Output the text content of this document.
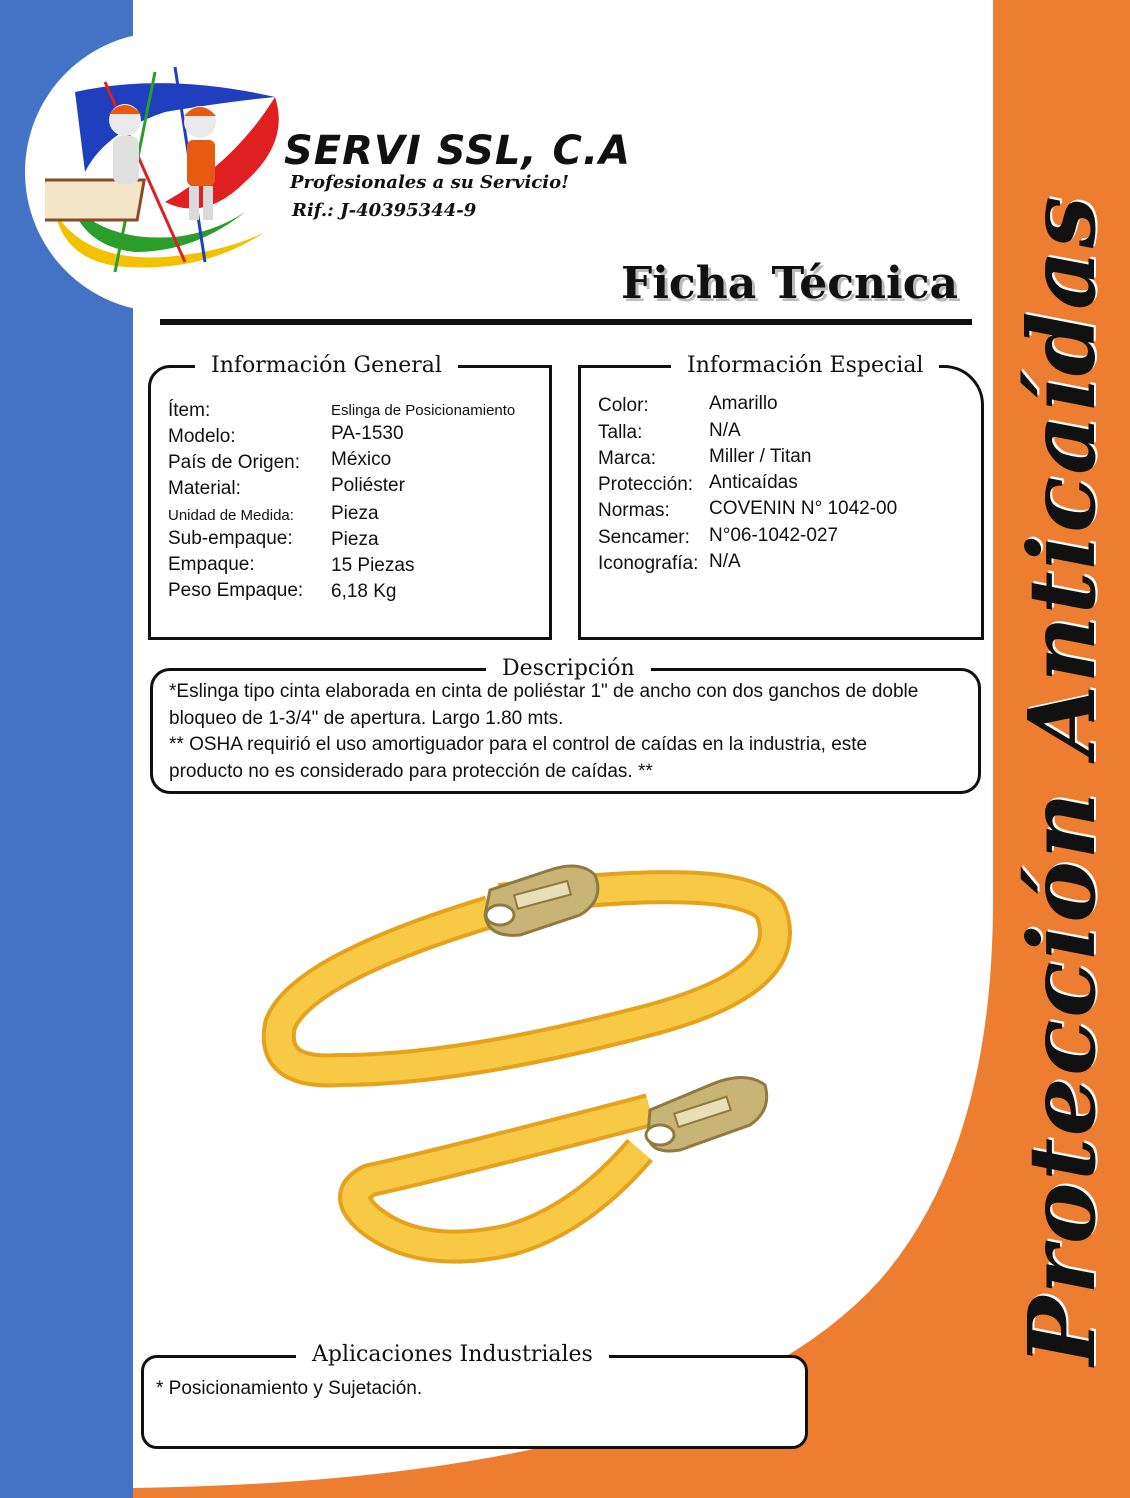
SERVI SSL, C.A
Profesionales a su Servicio!
Rif.: J-40395344-9
Ficha Técnica
Información General
Ítem:	Eslinga de Posicionamiento
Modelo:	PA-1530
País de Origen: México
Material:	Poliéster
Unidad de Medida: Pieza
Sub-empaque: Pieza
Empaque:	15 Piezas
Peso Empaque: 6,18 Kg
Información Especial
Color:	Amarillo
Talla:	N/A
Marca:	Miller / Titan
Protección: Anticaídas
Normas: COVENIN N° 1042-00
Sencamer: N°06-1042-027
Iconografía: N/A
Descripción
*Eslinga tipo cinta elaborada en cinta de poliéstar 1" de ancho con dos ganchos de doble
bloqueo de 1-3/4" de apertura. Largo 1.80 mts.
** OSHA requirió el uso amortiguador para el control de caídas en la industria, este
producto no es considerado para protección de caídas. **
Aplicaciones Industriales
* Posicionamiento y Sujetación.
Protección Anticaídas
